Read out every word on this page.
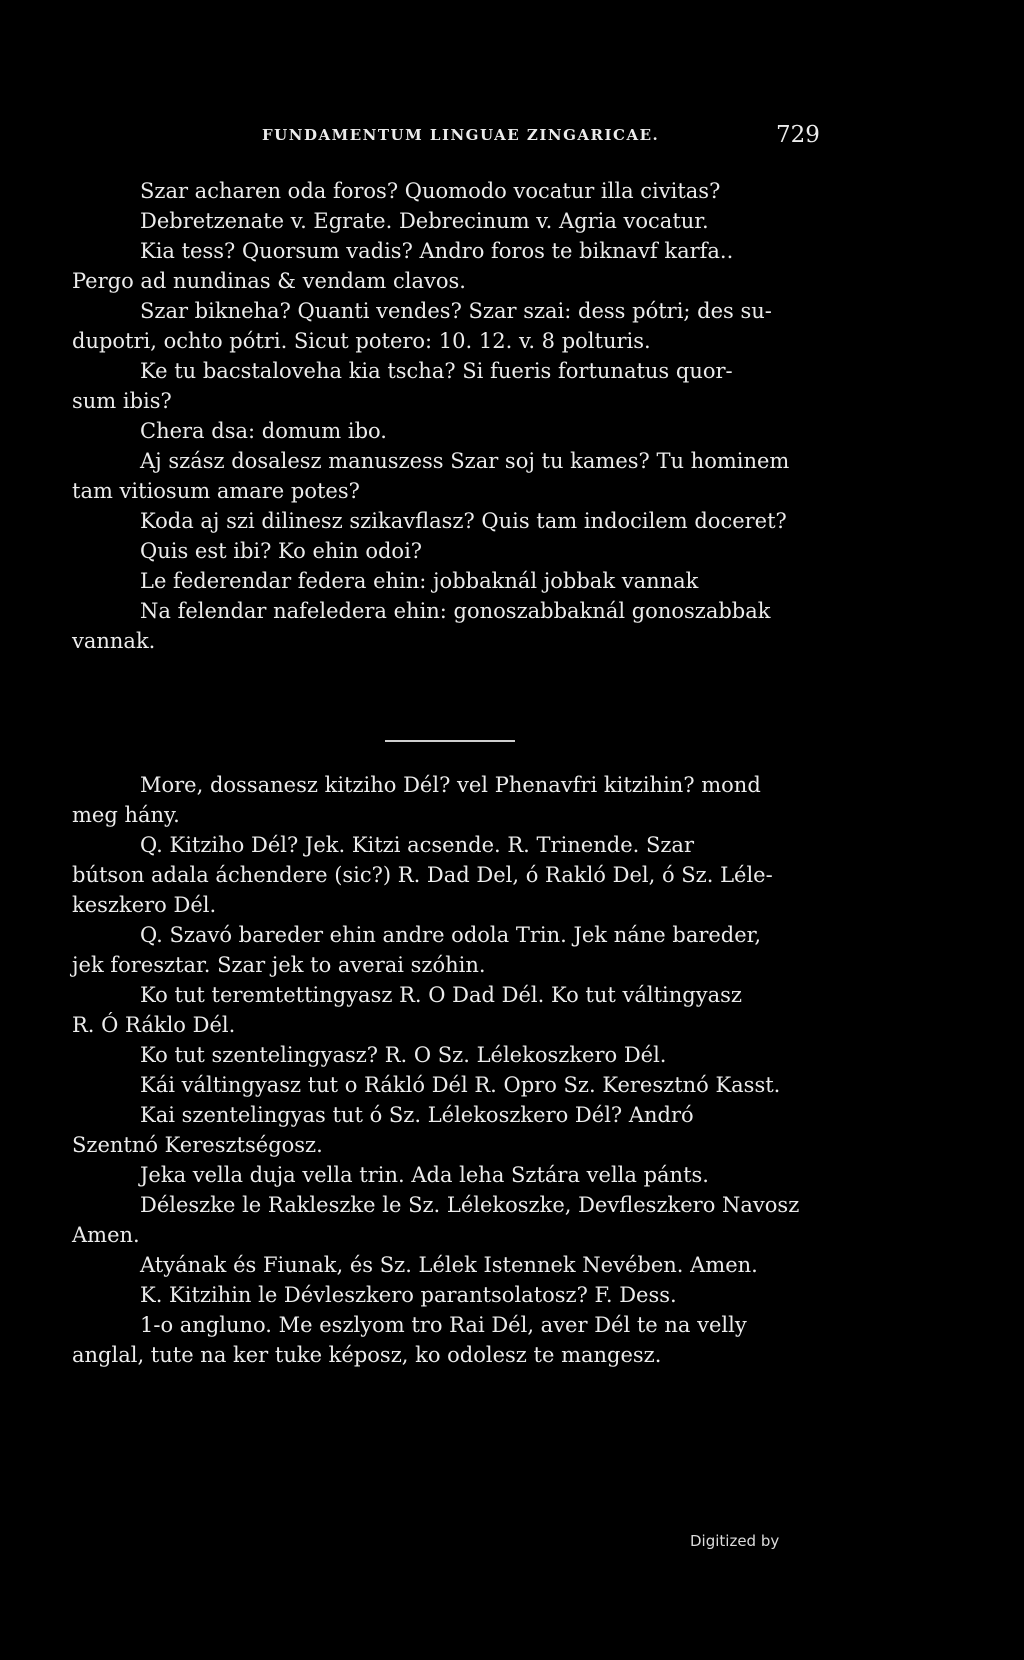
FUNDAMENTUM LINGUAE ZINGARICAE.	729
Szar acharen oda foros? Quomodo vocatur illa civitas?
Debretzenate v. Egrate. Debrecinum v. Agria vocatur.
Kia tess? Quorsum vadis? Andro foros te biknavf karfa..
Pergo ad nundinas & vendam clavos.
Szar bikneha? Quanti vendes? Szar szai: dess pótri; des su-
dupotri, ochto pótri. Sicut potero: 10. 12. v. 8 polturis.
Ke tu bacstaloveha kia tscha? Si fueris fortunatus quor-
sum ibis?
Chera dsa: domum ibo.
Aj szász dosalesz manuszess Szar soj tu kames? Tu hominem
tam vitiosum amare potes?
Koda aj szi dilinesz szikavflasz? Quis tam indocilem doceret?
Quis est ibi? Ko ehin odoi?
Le federendar federa ehin: jobbaknál jobbak vannak
Na felendar nafeledera ehin: gonoszabbaknál gonoszabbak
vannak.
More, dossanesz kitziho Dél? vel Phenavfri kitzihin? mond
meg hány.
Q. Kitziho Dél? Jek. Kitzi acsende. R. Trinende. Szar
bútson adala áchendere (sic?) R. Dad Del, ó Rakló Del, ó Sz. Léle-
keszkero Dél.
Q. Szavó bareder ehin andre odola Trin. Jek náne bareder,
jek foresztar. Szar jek to averai szóhin.
Ko tut teremtettingyasz R. O Dad Dél. Ko tut váltingyasz
R. Ó Ráklo Dél.
Ko tut szentelingyasz? R. O Sz. Lélekoszkero Dél.
Kái váltingyasz tut o Rákló Dél R. Opro Sz. Keresztnó Kasst.
Kai szentelingyas tut ó Sz. Lélekoszkero Dél? Andró
Szentnó Keresztségosz.
Jeka vella duja vella trin. Ada leha Sztára vella pánts.
Déleszke le Rakleszke le Sz. Lélekoszke, Devfleszkero Navosz
Amen.
Atyának és Fiunak, és Sz. Lélek Istennek Nevében. Amen.
K. Kitzihin le Dévleszkero parantsolatosz? F. Dess.
1-o angluno. Me eszlyom tro Rai Dél, aver Dél te na velly
anglal, tute na ker tuke képosz, ko odolesz te mangesz.
Digitized by
